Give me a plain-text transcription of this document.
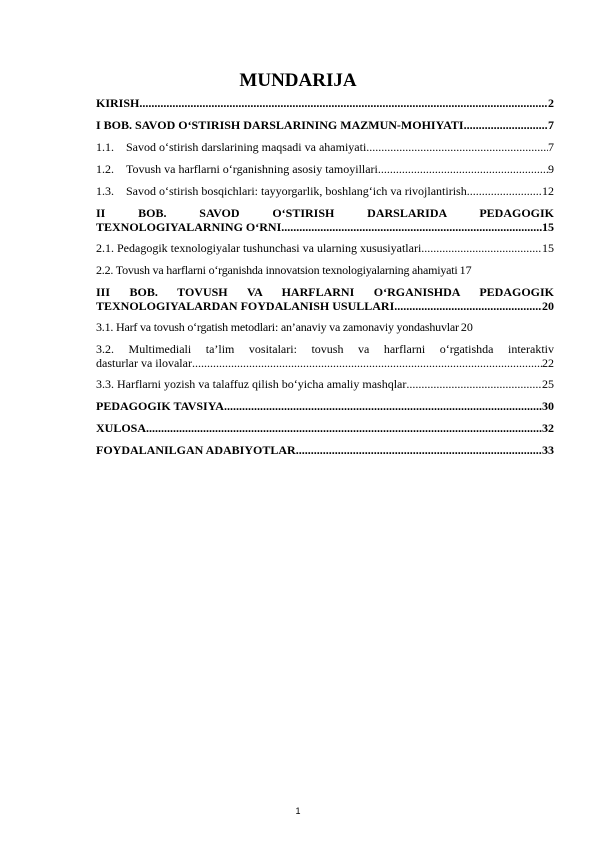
MUNDARIJA
KIRISH .....	2
I BOB. SAVOD O‘STIRISH DARSLARINING MAZMUN-MOHIYATI .....	7
1.1. Savod o‘stirish darslarining maqsadi va ahamiyati .....	7
1.2. Tovush va harflarni o‘rganishning asosiy tamoyillari .....	9
1.3. Savod o‘stirish bosqichlari: tayyorgarlik, boshlang‘ich va rivojlantirish .....	12
II BOB. SAVOD O‘STIRISH DARSLARIDA PEDAGOGIK
TEXNOLOGIYALARNING O‘RNI .....	15
2.1. Pedagogik texnologiyalar tushunchasi va ularning xususiyatlari .....	15
2.2. Tovush va harflarni o‘rganishda innovatsion texnologiyalarning ahamiyati 17
III BOB. TOVUSH VA HARFLARNI O‘RGANISHDA PEDAGOGIK
TEXNOLOGIYALARDAN FOYDALANISH USULLARI .....	20
3.1. Harf va tovush o‘rgatish metodlari: an’anaviy va zamonaviy yondashuvlar 20
3.2. Multimediali ta’lim vositalari: tovush va harflarni o‘rgatishda interaktiv
dasturlar va ilovalar .....	22
3.3. Harflarni yozish va talaffuz qilish bo‘yicha amaliy mashqlar .....	25
PEDAGOGIK TAVSIYA .....	30
XULOSA .....	32
FOYDALANILGAN ADABIYOTLAR .....	33
1
